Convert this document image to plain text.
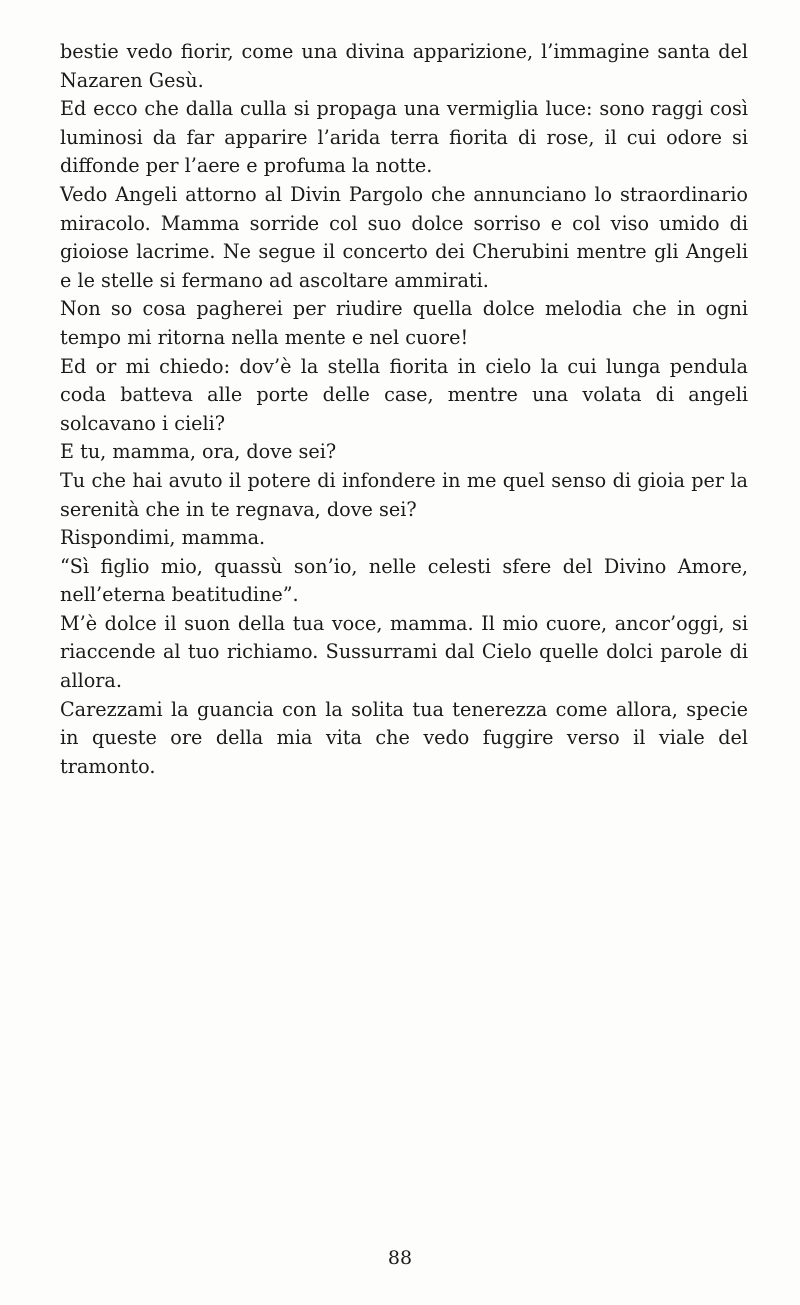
bestie vedo fiorir, come una divina apparizione, l’immagine santa del Nazaren Gesù.

Ed ecco che dalla culla si propaga una vermiglia luce: sono raggi così luminosi da far apparire l’arida terra fiorita di rose, il cui odore si diffonde per l’aere e profuma la notte.

Vedo Angeli attorno al Divin Pargolo che annunciano lo straordinario miracolo. Mamma sorride col suo dolce sorriso e col viso umido di gioiose lacrime. Ne segue il concerto dei Cherubini mentre gli Angeli e le stelle si fermano ad ascoltare ammirati.

Non so cosa pagherei per riudire quella dolce melodia che in ogni tempo mi ritorna nella mente e nel cuore!

Ed or mi chiedo: dov’è la stella fiorita in cielo la cui lunga pendula coda batteva alle porte delle case, mentre una volata di angeli solcavano i cieli?

E tu, mamma, ora, dove sei?

Tu che hai avuto il potere di infondere in me quel senso di gioia per la serenità che in te regnava, dove sei?

Rispondimi, mamma.

“Sì figlio mio, quassù son’io, nelle celesti sfere del Divino Amore, nell’eterna beatitudine”.

M’è dolce il suon della tua voce, mamma. Il mio cuore, ancor’oggi, si riaccende al tuo richiamo. Sussurrami dal Cielo quelle dolci parole di allora.

Carezzami la guancia con la solita tua tenerezza come allora, specie in queste ore della mia vita che vedo fuggire verso il viale del tramonto.

88
